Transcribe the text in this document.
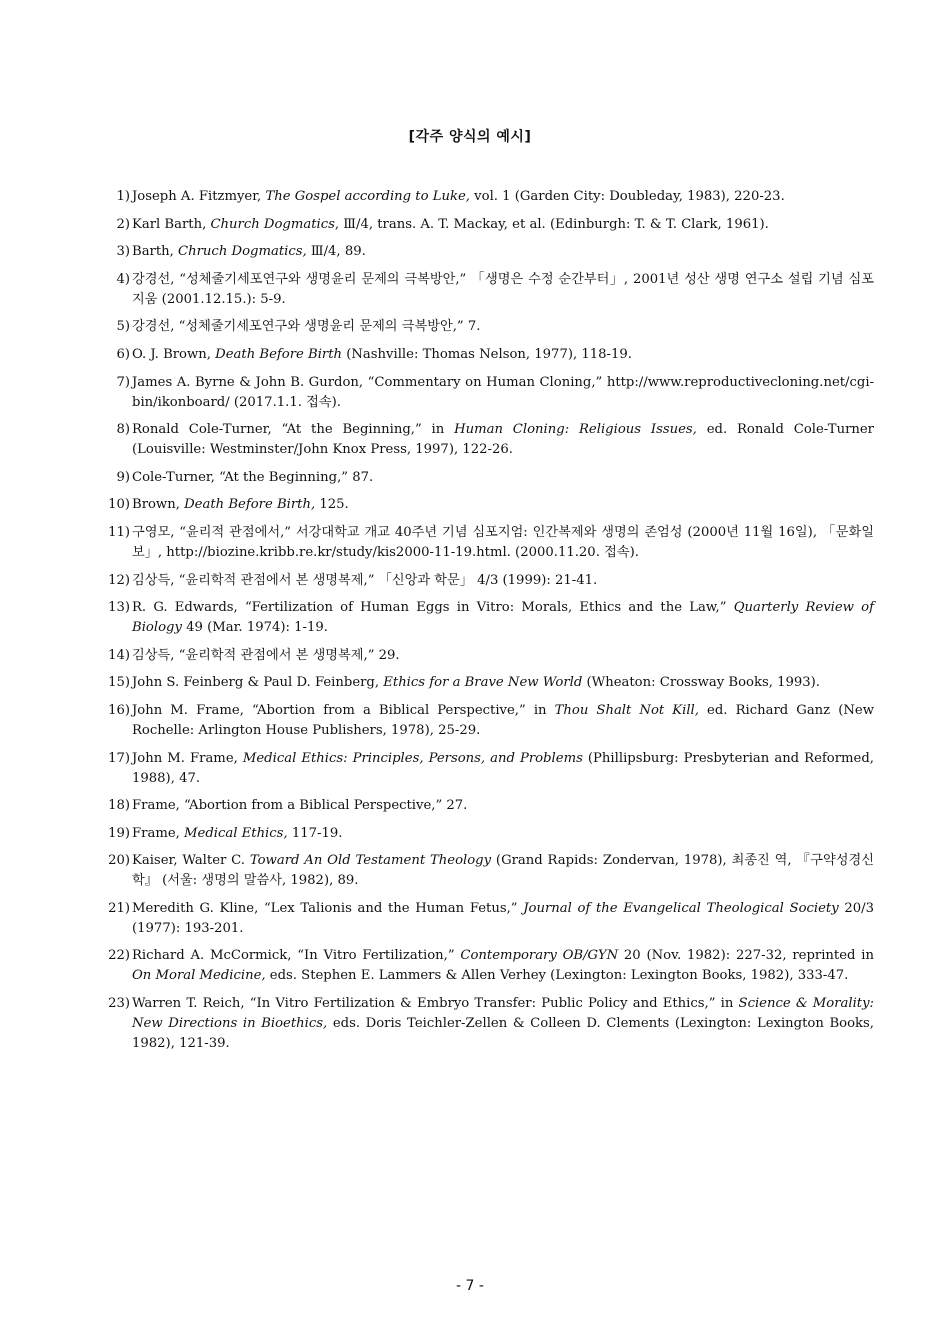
[각주 양식의 예시]
1 ) Joseph A. Fitzmyer, The Gospel according to Luke, vol. 1 (Garden City: Doubleday, 1983), 220-23.
2 ) Karl Barth, Church Dogmatics, Ⅲ/4, trans. A. T. Mackay, et al. (Edinburgh: T. & T. Clark, 1961).
3 ) Barth, Chruch Dogmatics, Ⅲ/4, 89.
4 ) 강경선, “성체줄기세포연구와 생명윤리 문제의 극복방안,” 「생명은 수정 순간부터」, 2001년 성산 생명 연구소 설립 기념 심포지움 (2001.12.15.): 5-9.
5 ) 강경선, “성체줄기세포연구와 생명윤리 문제의 극복방안,” 7.
6 ) O. J. Brown, Death Before Birth (Nashville: Thomas Nelson, 1977), 118-19.
7 ) James A. Byrne & John B. Gurdon, “Commentary on Human Cloning,” http://www.reproductivecloning.net/cgi-bin/ikonboard/ (2017.1.1. 접속).
8 ) Ronald Cole-Turner, “At the Beginning,” in Human Cloning: Religious Issues, ed. Ronald Cole-Turner (Louisville: Westminster/John Knox Press, 1997), 122-26.
9 ) Cole-Turner, “At the Beginning,” 87.
10 ) Brown, Death Before Birth, 125.
11 ) 구영모, “윤리적 관점에서,” 서강대학교 개교 40주년 기념 심포지엄: 인간복제와 생명의 존엄성 (2000년 11월 16일), 「문화일보」, http://biozine.kribb.re.kr/study/kis2000-11-19.html. (2000.11.20. 접속).
12 ) 김상득, “윤리학적 관점에서 본 생명복제,” 「신앙과 학문」 4/3 (1999): 21-41.
13 ) R. G. Edwards, “Fertilization of Human Eggs in Vitro: Morals, Ethics and the Law,” Quarterly Review of Biology 49 (Mar. 1974): 1-19.
14 ) 김상득, “윤리학적 관점에서 본 생명복제,” 29.
15 ) John S. Feinberg & Paul D. Feinberg, Ethics for a Brave New World (Wheaton: Crossway Books, 1993).
16 ) John M. Frame, “Abortion from a Biblical Perspective,” in Thou Shalt Not Kill, ed. Richard Ganz (New Rochelle: Arlington House Publishers, 1978), 25-29.
17 ) John M. Frame, Medical Ethics: Principles, Persons, and Problems (Phillipsburg: Presbyterian and Reformed, 1988), 47.
18 ) Frame, “Abortion from a Biblical Perspective,” 27.
19 ) Frame, Medical Ethics, 117-19.
20 ) Kaiser, Walter C. Toward An Old Testament Theology (Grand Rapids: Zondervan, 1978), 최종진 역, 『구약성경신학』 (서울: 생명의 말씀사, 1982), 89.
21 ) Meredith G. Kline, “Lex Talionis and the Human Fetus,” Journal of the Evangelical Theological Society 20/3 (1977): 193-201.
22 ) Richard A. McCormick, “In Vitro Fertilization,” Contemporary OB/GYN 20 (Nov. 1982): 227-32, reprinted in On Moral Medicine, eds. Stephen E. Lammers & Allen Verhey (Lexington: Lexington Books, 1982), 333-47.
23 ) Warren T. Reich, “In Vitro Fertilization & Embryo Transfer: Public Policy and Ethics,” in Science & Morality: New Directions in Bioethics, eds. Doris Teichler-Zellen & Colleen D. Clements (Lexington: Lexington Books, 1982), 121-39.
- 7 -
